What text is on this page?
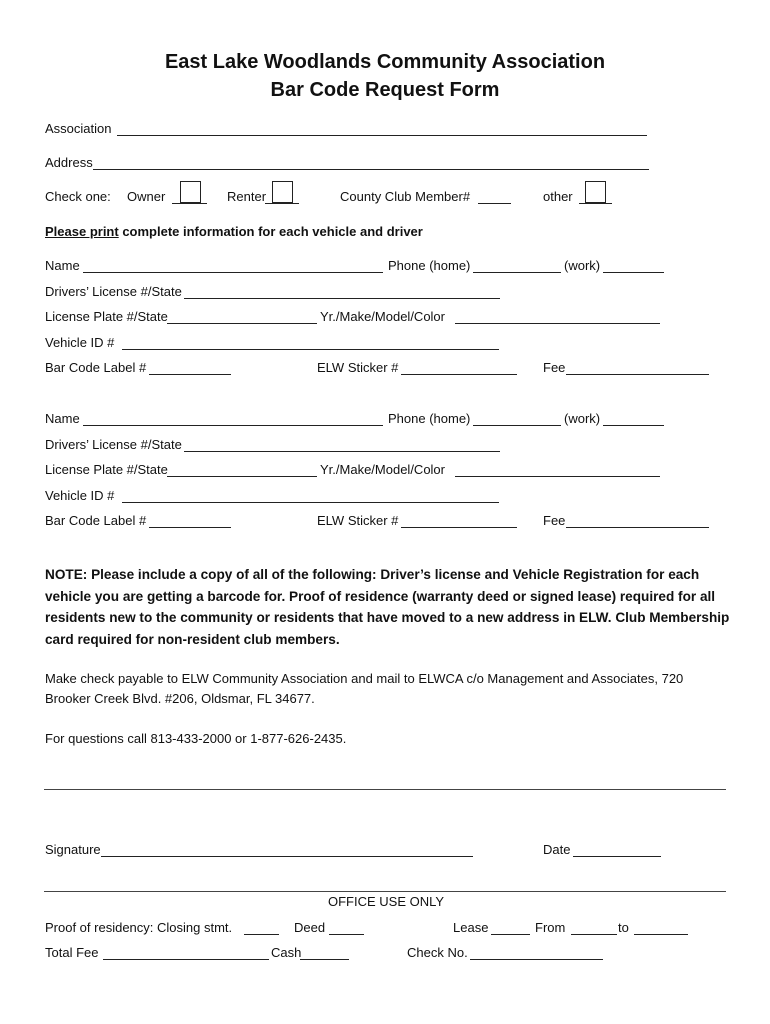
East Lake Woodlands Community Association
Bar Code Request Form
Association
Address
Check one: Owner	Renter	County Club Member#	other
Please print complete information for each vehicle and driver
Name	Phone (home)	(work)
Drivers’ License #/State
License Plate #/State	Yr./Make/Model/Color
Vehicle ID #
Bar Code Label #	ELW Sticker #	Fee
Name	Phone (home)	(work)
Drivers’ License #/State
License Plate #/State	Yr./Make/Model/Color
Vehicle ID #
Bar Code Label #	ELW Sticker #	Fee
NOTE: Please include a copy of all of the following: Driver’s license and Vehicle Registration for each vehicle you are getting a barcode for. Proof of residence (warranty deed or signed lease) required for all residents new to the community or residents that have moved to a new address in ELW. Club Membership card required for non-resident club members.
Make check payable to ELW Community Association and mail to ELWCA c/o Management and Associates, 720 Brooker Creek Blvd. #206, Oldsmar, FL 34677.
For questions call 813-433-2000 or 1-877-626-2435.
Signature	Date
OFFICE USE ONLY
Proof of residency: Closing stmt.	Deed	Lease	From	to
Total Fee	Cash	Check No.
